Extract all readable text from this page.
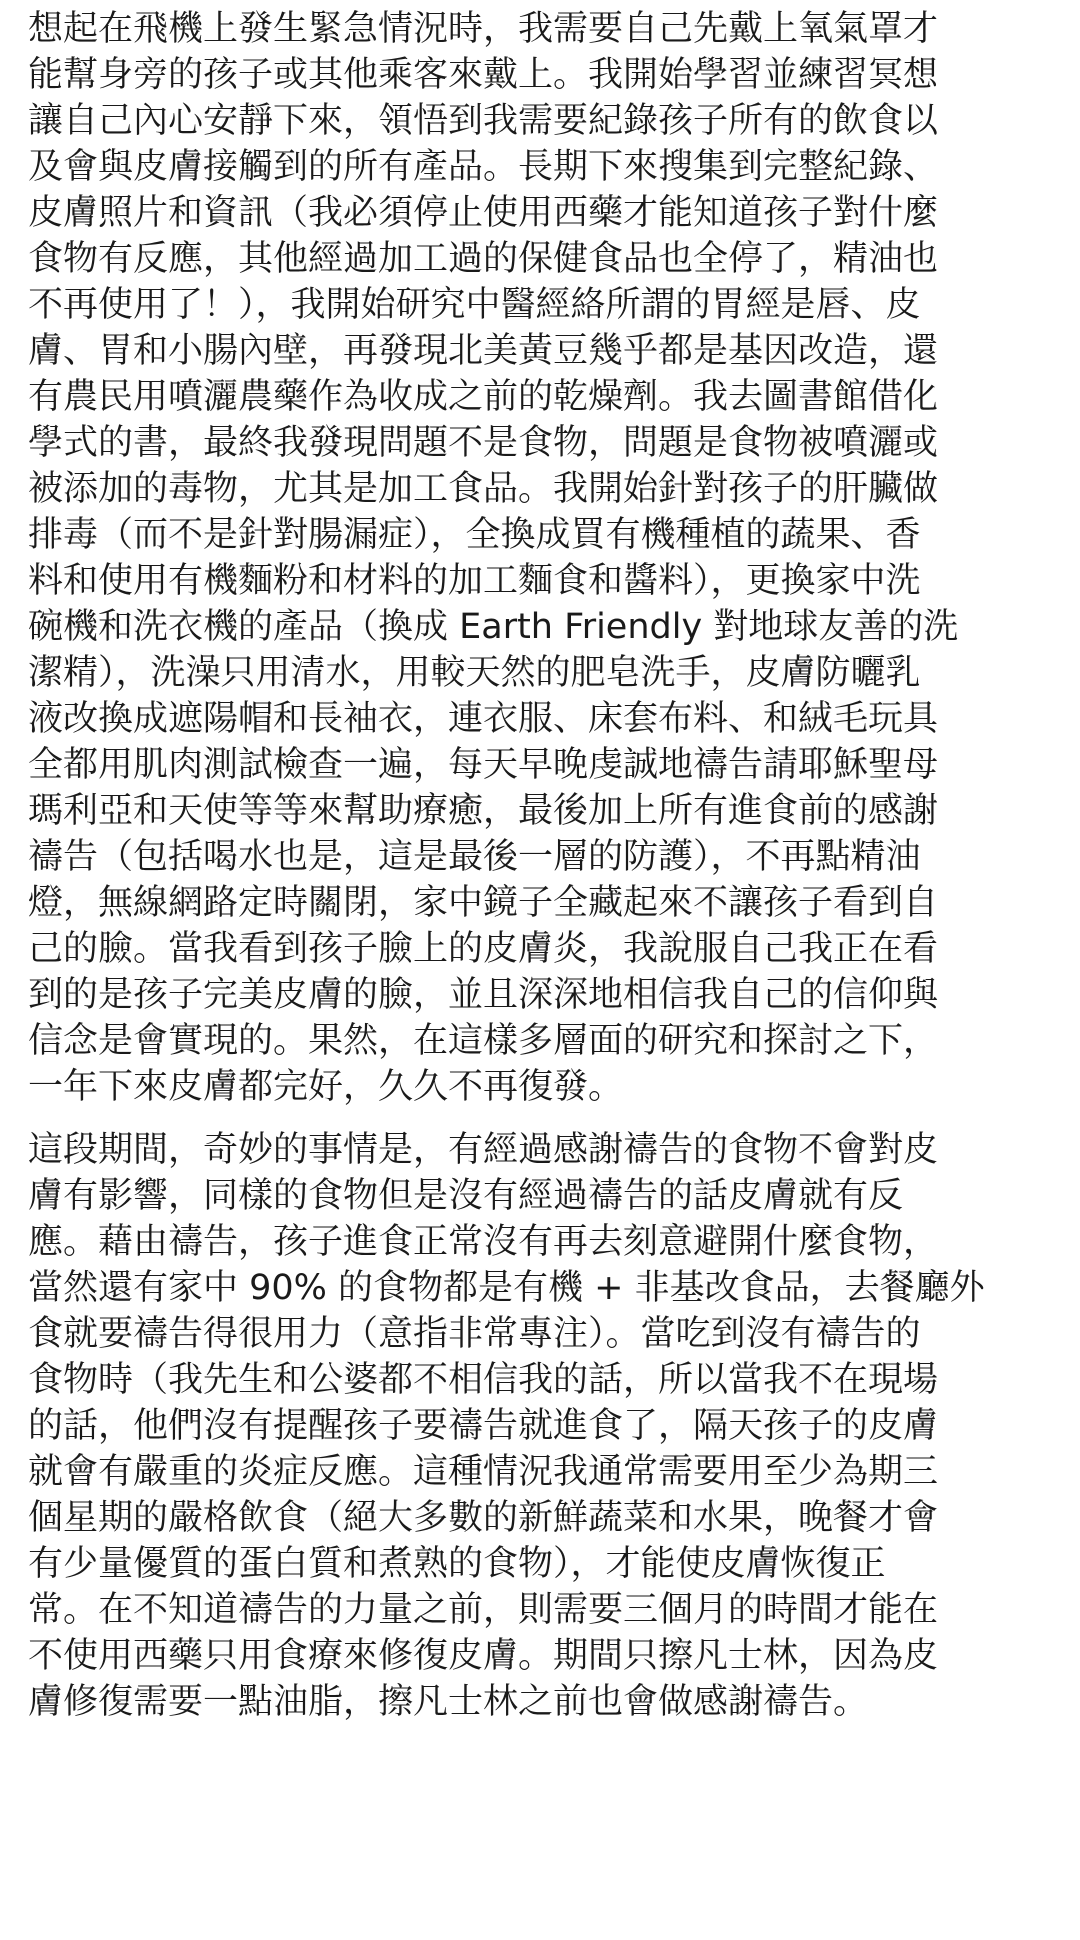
想起在飛機上發生緊急情況時，我需要自己先戴上氧氣罩才
能幫身旁的孩子或其他乘客來戴上。我開始學習並練習冥想
讓自己內心安靜下來，領悟到我需要紀錄孩子所有的飲食以
及會與皮膚接觸到的所有產品。長期下來搜集到完整紀錄、
皮膚照片和資訊（我必須停止使用西藥才能知道孩子對什麼
食物有反應，其他經過加工過的保健食品也全停了，精油也
不再使用了！），我開始研究中醫經絡所謂的胃經是唇、皮
膚、胃和小腸內壁，再發現北美黃豆幾乎都是基因改造，還
有農民用噴灑農藥作為收成之前的乾燥劑。我去圖書館借化
學式的書，最終我發現問題不是食物，問題是食物被噴灑或
被添加的毒物，尤其是加工食品。我開始針對孩子的肝臟做
排毒（而不是針對腸漏症），全換成買有機種植的蔬果、香
料和使用有機麵粉和材料的加工麵食和醬料），更換家中洗
碗機和洗衣機的產品（換成 Earth Friendly 對地球友善的洗
潔精），洗澡只用清水，用較天然的肥皂洗手，皮膚防曬乳
液改換成遮陽帽和長袖衣，連衣服、床套布料、和絨毛玩具
全都用肌肉測試檢查一遍，每天早晚虔誠地禱告請耶穌聖母
瑪利亞和天使等等來幫助療癒，最後加上所有進食前的感謝
禱告（包括喝水也是，這是最後一層的防護），不再點精油
燈，無線網路定時關閉，家中鏡子全藏起來不讓孩子看到自
己的臉。當我看到孩子臉上的皮膚炎，我說服自己我正在看
到的是孩子完美皮膚的臉，並且深深地相信我自己的信仰與
信念是會實現的。果然，在這樣多層面的研究和探討之下，
一年下來皮膚都完好，久久不再復發。
這段期間，奇妙的事情是，有經過感謝禱告的食物不會對皮
膚有影響，同樣的食物但是沒有經過禱告的話皮膚就有反
應。藉由禱告，孩子進食正常沒有再去刻意避開什麼食物，
當然還有家中 90% 的食物都是有機 + 非基改食品，去餐廳外
食就要禱告得很用力（意指非常專注）。當吃到沒有禱告的
食物時（我先生和公婆都不相信我的話，所以當我不在現場
的話，他們沒有提醒孩子要禱告就進食了，隔天孩子的皮膚
就會有嚴重的炎症反應。這種情況我通常需要用至少為期三
個星期的嚴格飲食（絕大多數的新鮮蔬菜和水果，晚餐才會
有少量優質的蛋白質和煮熟的食物），才能使皮膚恢復正
常。在不知道禱告的力量之前，則需要三個月的時間才能在
不使用西藥只用食療來修復皮膚。期間只擦凡士林，因為皮
膚修復需要一點油脂，擦凡士林之前也會做感謝禱告。
